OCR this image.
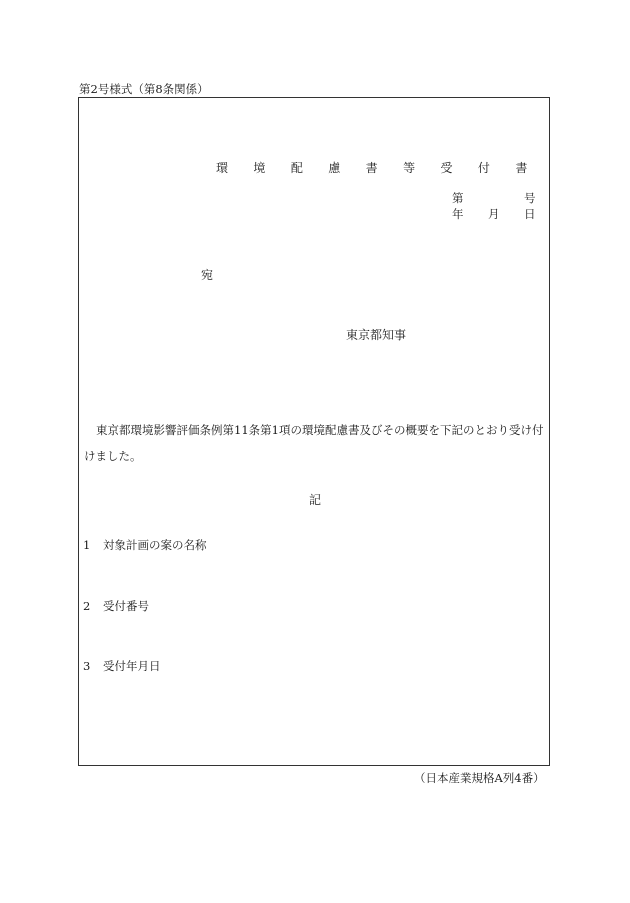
第2号様式（第8条関係）
環 境 配 慮 書 等 受 付 書
第	号
年 月 日
宛
東京都知事
東京都環境影響評価条例第11条第1項の環境配慮書及びその概要を下記のとおり受け付けました。
記
1 対象計画の案の名称
2 受付番号
3 受付年月日
（日本産業規格A列4番）
